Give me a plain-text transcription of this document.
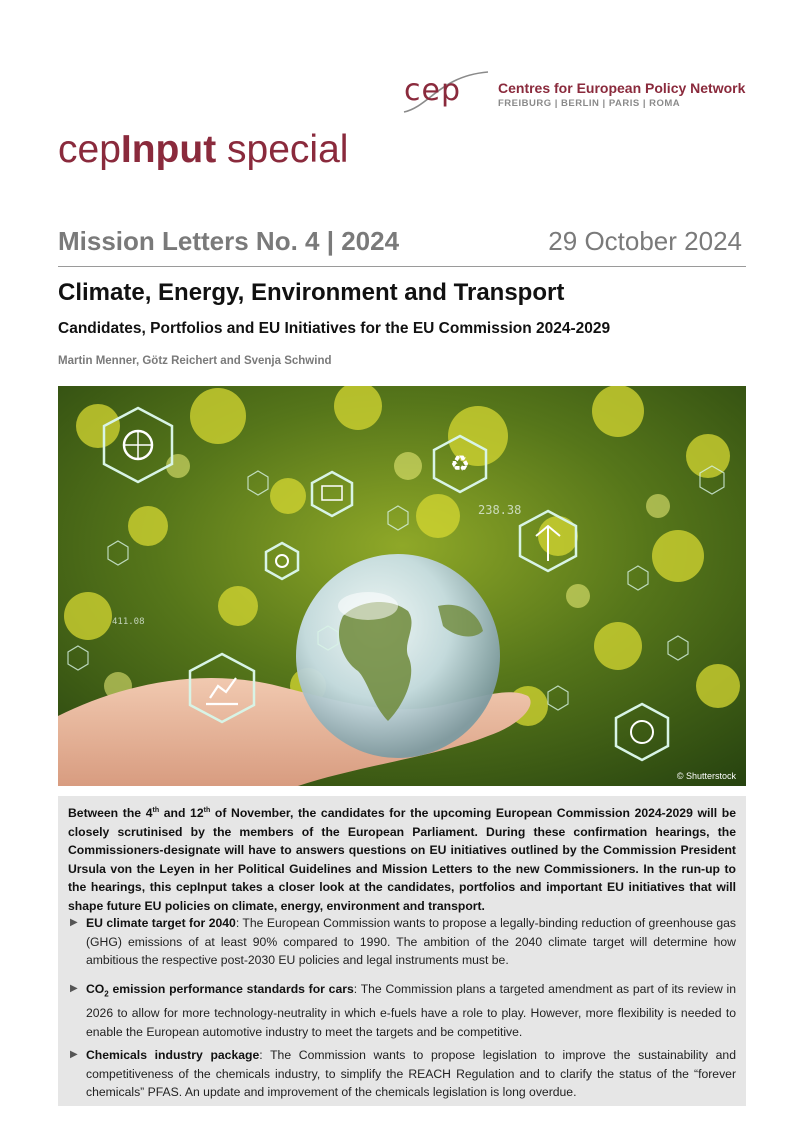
cep	Centres for European Policy Network
FREIBURG | BERLIN | PARIS | ROMA
cepInput special
Mission Letters No. 4 | 2024	29 October 2024
Climate, Energy, Environment and Transport
Candidates, Portfolios and EU Initiatives for the EU Commission 2024-2029
Martin Menner, Götz Reichert and Svenja Schwind
♻
238.38
411.08
© Shutterstock
Between the 4th and 12th of November, the candidates for the upcoming European Commission 2024-2029 will be closely scrutinised by the members of the European Parliament. During these confirmation hearings, the Commissioners-designate will have to answers questions on EU initiatives outlined by the Commission President Ursula von the Leyen in her Political Guidelines and Mission Letters to the new Commissioners. In the run-up to the hearings, this cepInput takes a closer look at the candidates, portfolios and important EU initiatives that will shape future EU policies on climate, energy, environment and transport.
▶ EU climate target for 2040: The European Commission wants to propose a legally-binding reduction of greenhouse gas (GHG) emissions of at least 90% compared to 1990. The ambition of the 2040 climate target will determine how ambitious the respective post-2030 EU policies and legal instruments must be.
▶ $CO_2$ emission performance standards for cars: The Commission plans a targeted amendment as part of its review in 2026 to allow for more technology-neutrality in which e-fuels have a role to play. However, more flexibility is needed to enable the European automotive industry to meet the targets and be competitive.
▶ Chemicals industry package: The Commission wants to propose legislation to improve the sustainability and competitiveness of the chemicals industry, to simplify the REACH Regulation and to clarify the status of the “forever chemicals” PFAS. An update and improvement of the chemicals legislation is long overdue.
